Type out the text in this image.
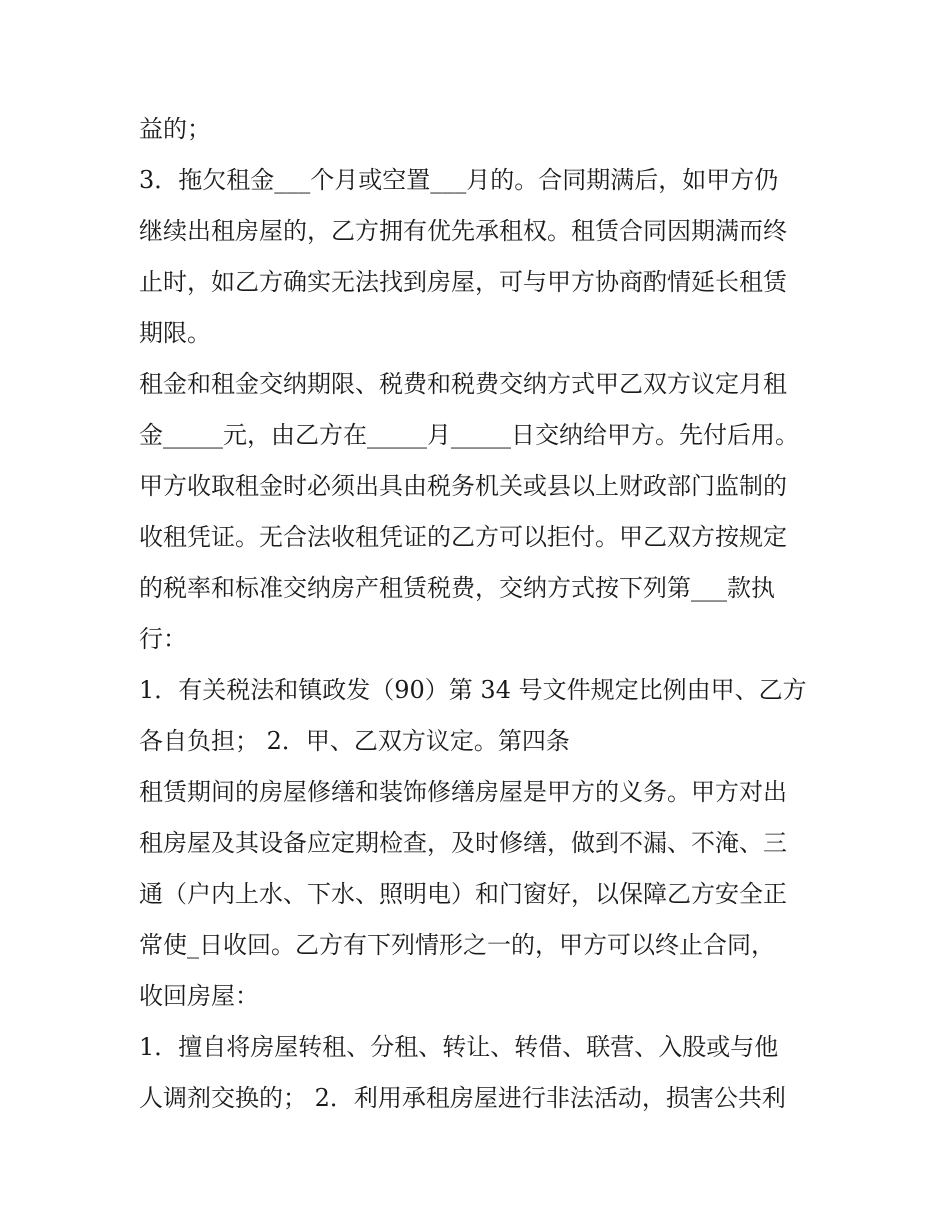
益的；
3．拖欠租金___个月或空置___月的。合同期满后，如甲方仍
继续出租房屋的，乙方拥有优先承租权。租赁合同因期满而终
止时，如乙方确实无法找到房屋，可与甲方协商酌情延长租赁
期限。
租金和租金交纳期限、税费和税费交纳方式甲乙双方议定月租
金_____元，由乙方在_____月_____日交纳给甲方。先付后用。
甲方收取租金时必须出具由税务机关或县以上财政部门监制的
收租凭证。无合法收租凭证的乙方可以拒付。甲乙双方按规定
的税率和标准交纳房产租赁税费，交纳方式按下列第___款执
行：
1．有关税法和镇政发（90）第 34 号文件规定比例由甲、乙方
各自负担； 2．甲、乙双方议定。第四条
租赁期间的房屋修缮和装饰修缮房屋是甲方的义务。甲方对出
租房屋及其设备应定期检查，及时修缮，做到不漏、不淹、三
通（户内上水、下水、照明电）和门窗好，以保障乙方安全正
常使_日收回。乙方有下列情形之一的，甲方可以终止合同，
收回房屋：
1．擅自将房屋转租、分租、转让、转借、联营、入股或与他
人调剂交换的； 2．利用承租房屋进行非法活动，损害公共利
